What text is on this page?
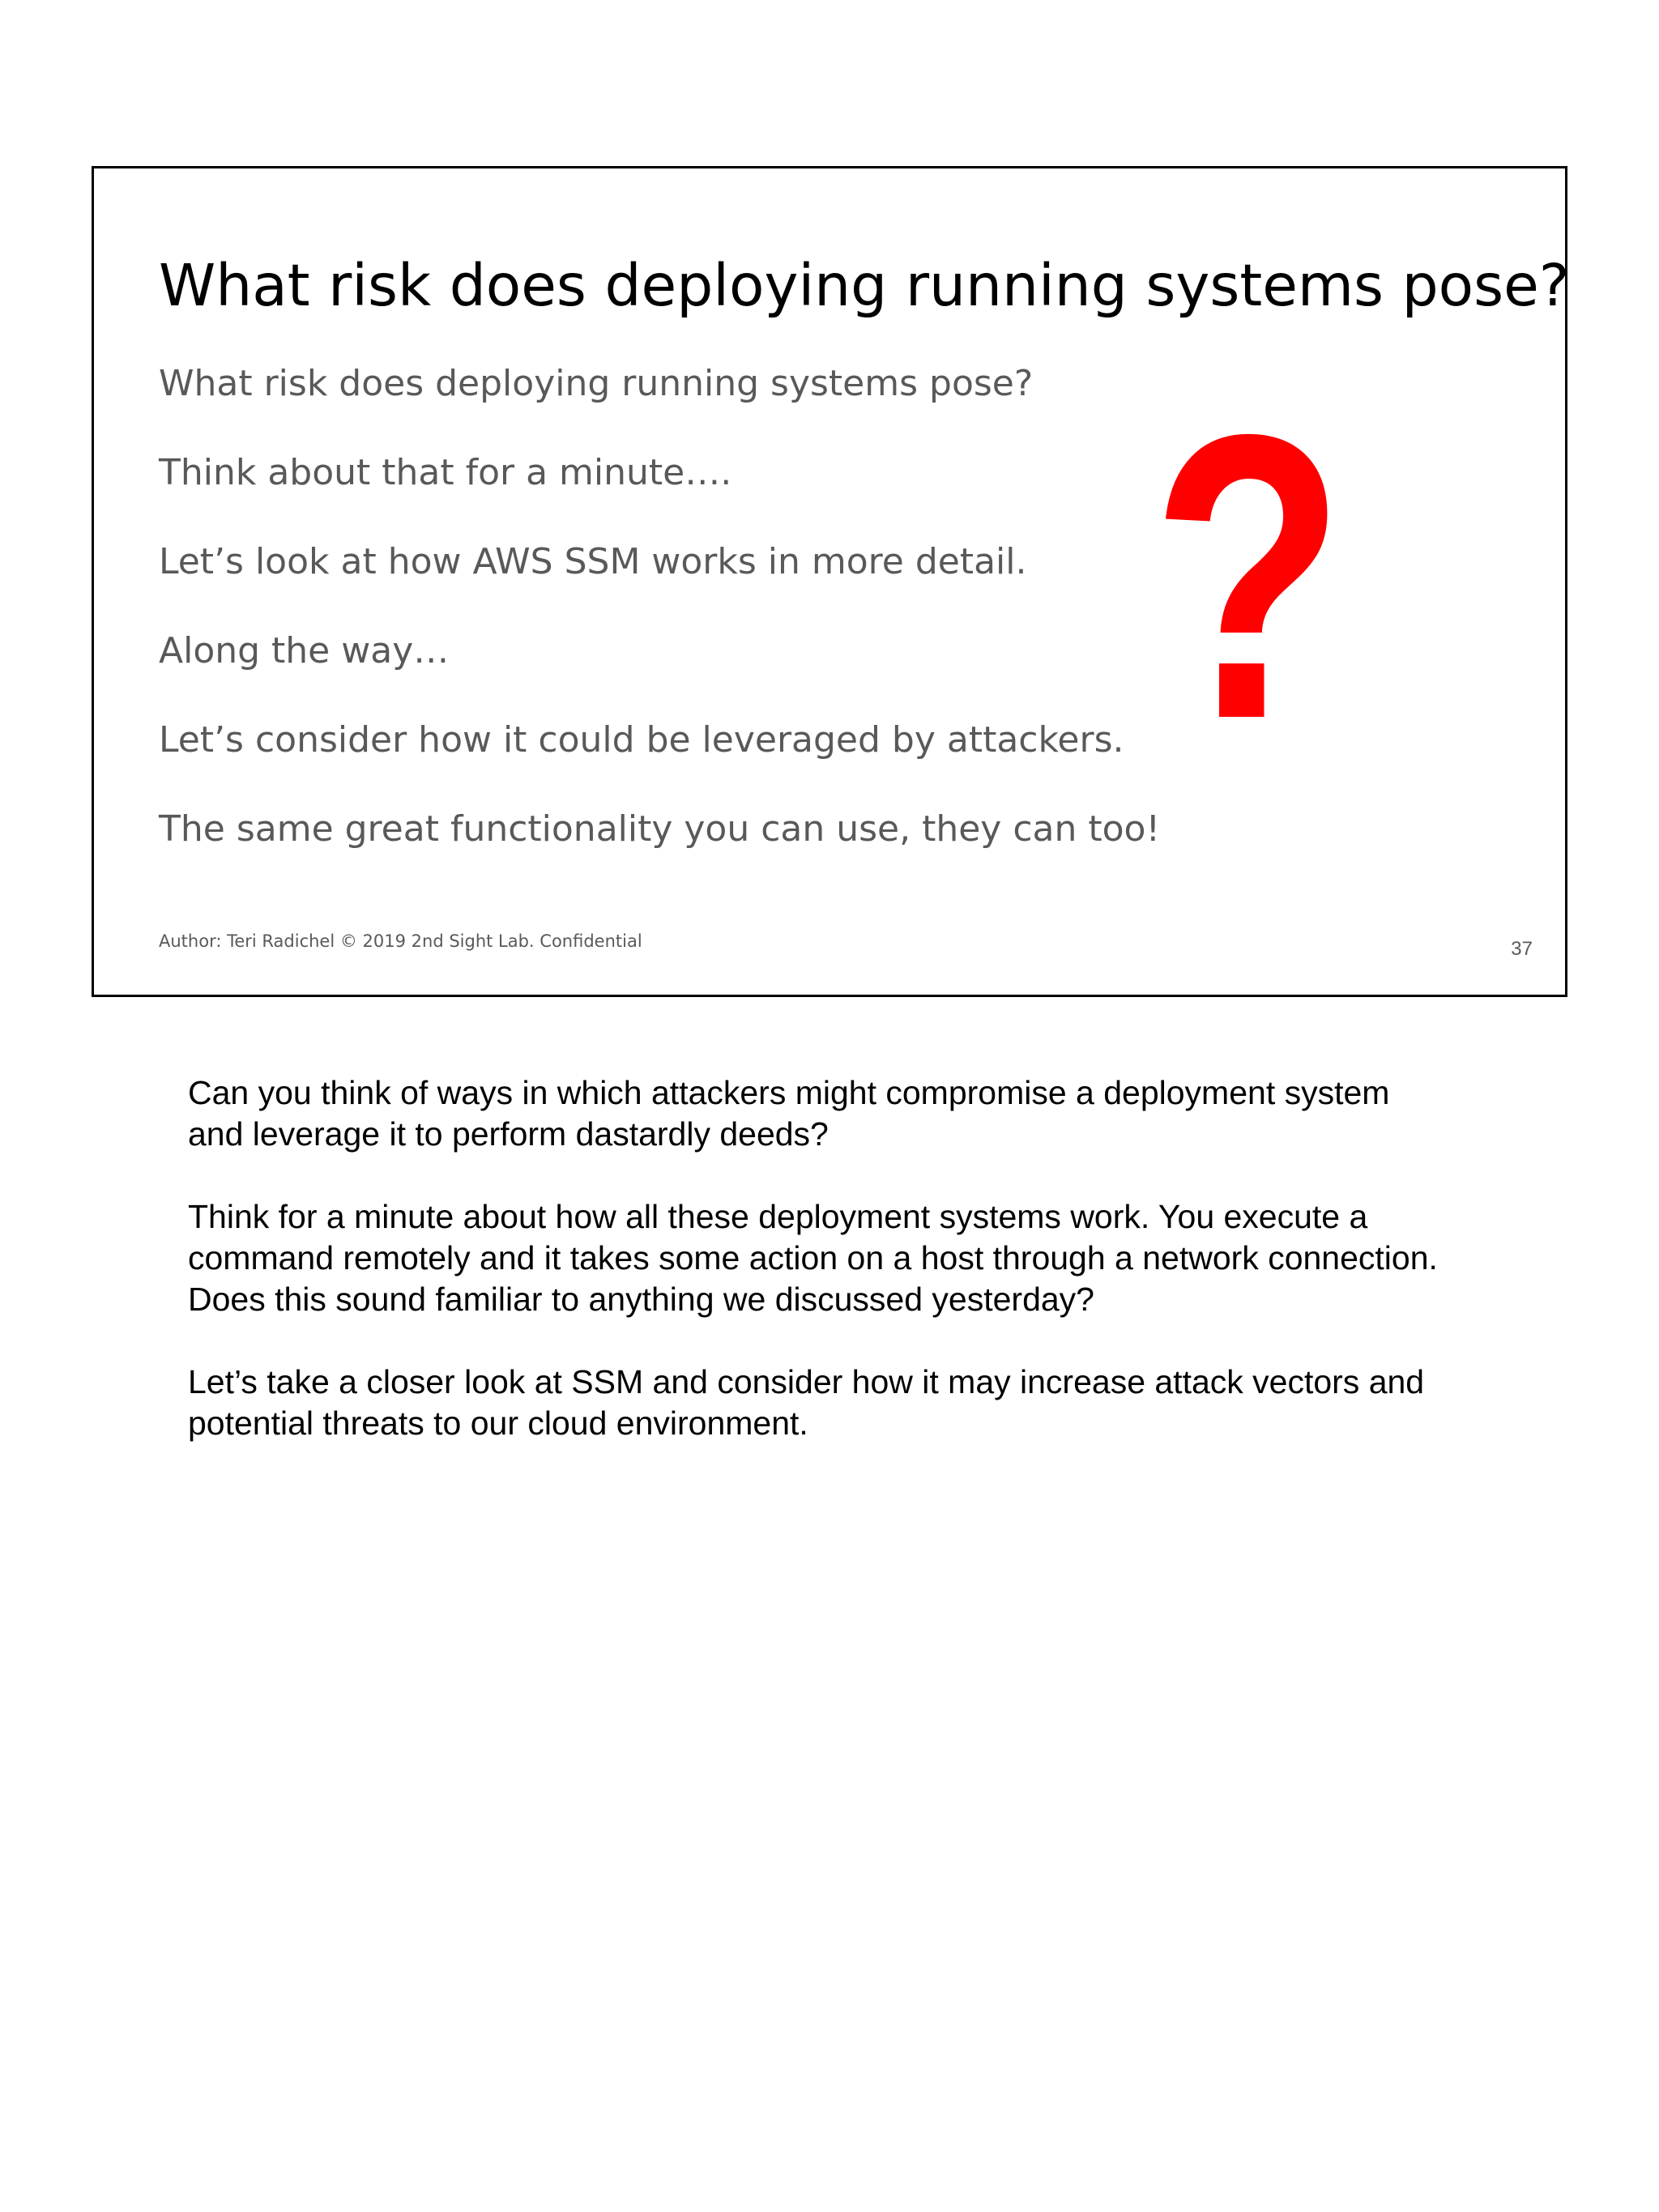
What risk does deploying running systems pose?
What risk does deploying running systems pose?
Think about that for a minute….
Let’s look at how AWS SSM works in more detail.
Along the way…
Let’s consider how it could be leveraged by attackers.
The same great functionality you can use, they can too!
?
Author: Teri Radichel © 2019 2nd Sight Lab. Confidential	37

Can you think of ways in which attackers might compromise a deployment system
and leverage it to perform dastardly deeds?

Think for a minute about how all these deployment systems work. You execute a
command remotely and it takes some action on a host through a network connection.
Does this sound familiar to anything we discussed yesterday?

Let’s take a closer look at SSM and consider how it may increase attack vectors and
potential threats to our cloud environment.
